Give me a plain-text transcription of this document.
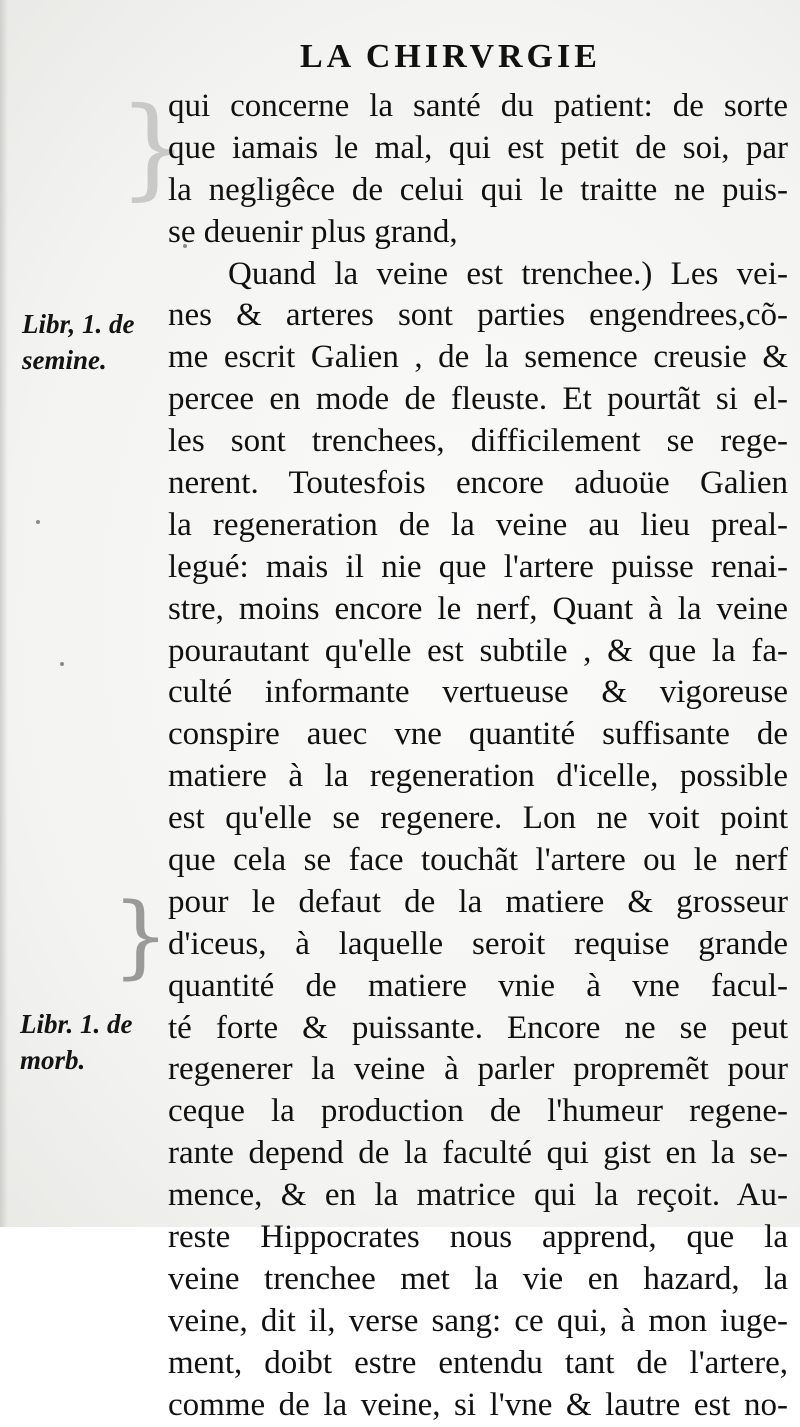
LA CHIRVRGIE
}
}
Libr, 1. de
semine.
Libr. 1. de
morb.
qui concerne la santé du patient: de sorte
que iamais le mal, qui est petit de soi, par
la negligêce de celui qui le traitte ne puis-
se deuenir plus grand,
Quand la veine est trenchee.) Les vei-
nes & arteres sont parties engendrees,cõ-
me escrit Galien , de la semence creusie &
percee en mode de fleuste. Et pourtãt si el-
les sont trenchees, difficilement se rege-
nerent. Toutesfois encore aduoüe Galien
la regeneration de la veine au lieu preal-
legué: mais il nie que l'artere puisse renai-
stre, moins encore le nerf, Quant à la veine
pourautant qu'elle est subtile , & que la fa-
culté informante vertueuse & vigoreuse
conspire auec vne quantité suffisante de
matiere à la regeneration d'icelle, possible
est qu'elle se regenere. Lon ne voit point
que cela se face touchãt l'artere ou le nerf
pour le defaut de la matiere & grosseur
d'iceus, à laquelle seroit requise grande
quantité de matiere vnie à vne facul-
té forte & puissante. Encore ne se peut
regenerer la veine à parler propremẽt pour
ceque la production de l'humeur regene-
rante depend de la faculté qui gist en la se-
mence, & en la matrice qui la reçoit. Au-
reste Hippocrates nous apprend, que la
veine trenchee met la vie en hazard, la
veine, dit il, verse sang: ce qui, à mon iuge-
ment, doibt estre entendu tant de l'artere,
comme de la veine, si l'vne & lautre est no-
